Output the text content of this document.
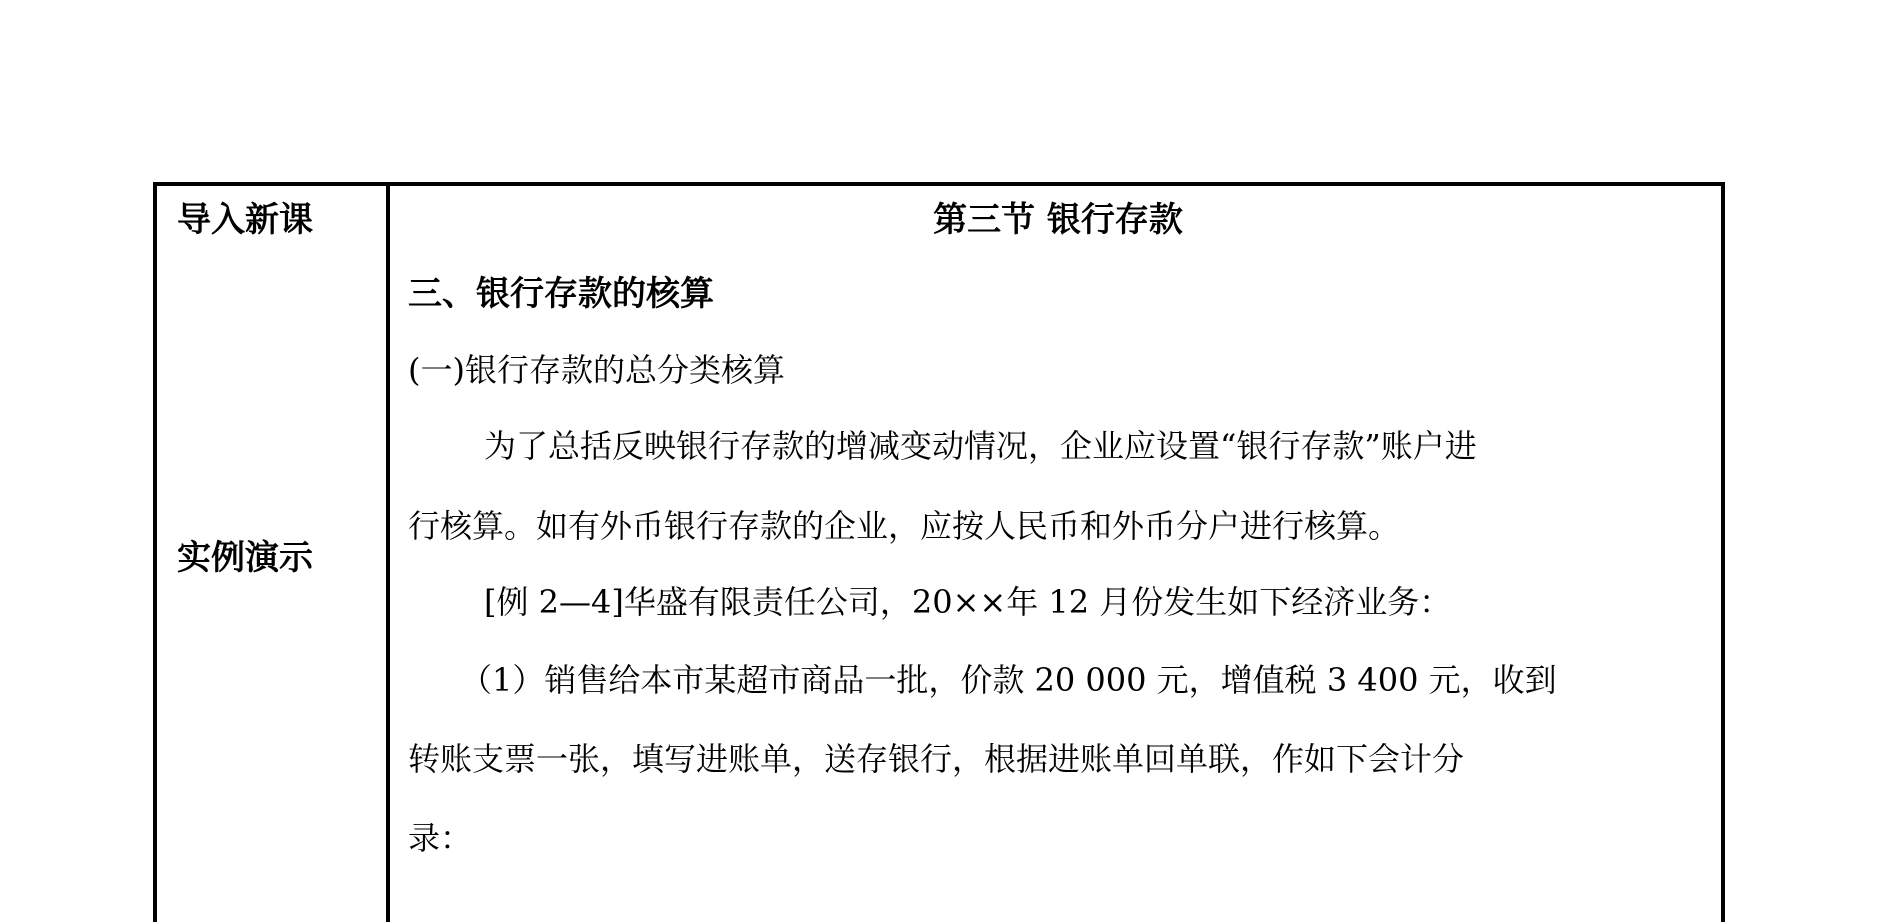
导入新课
实例演示
第三节 银行存款
三、银行存款的核算
(一)银行存款的总分类核算
为了总括反映银行存款的增减变动情况，企业应设置“银行存款”账户进
行核算。如有外币银行存款的企业，应按人民币和外币分户进行核算。
[例 2—4]华盛有限责任公司，20××年 12 月份发生如下经济业务：
（1）销售给本市某超市商品一批，价款 20 000 元，增值税 3 400 元，收到
转账支票一张，填写进账单，送存银行，根据进账单回单联，作如下会计分
录：
